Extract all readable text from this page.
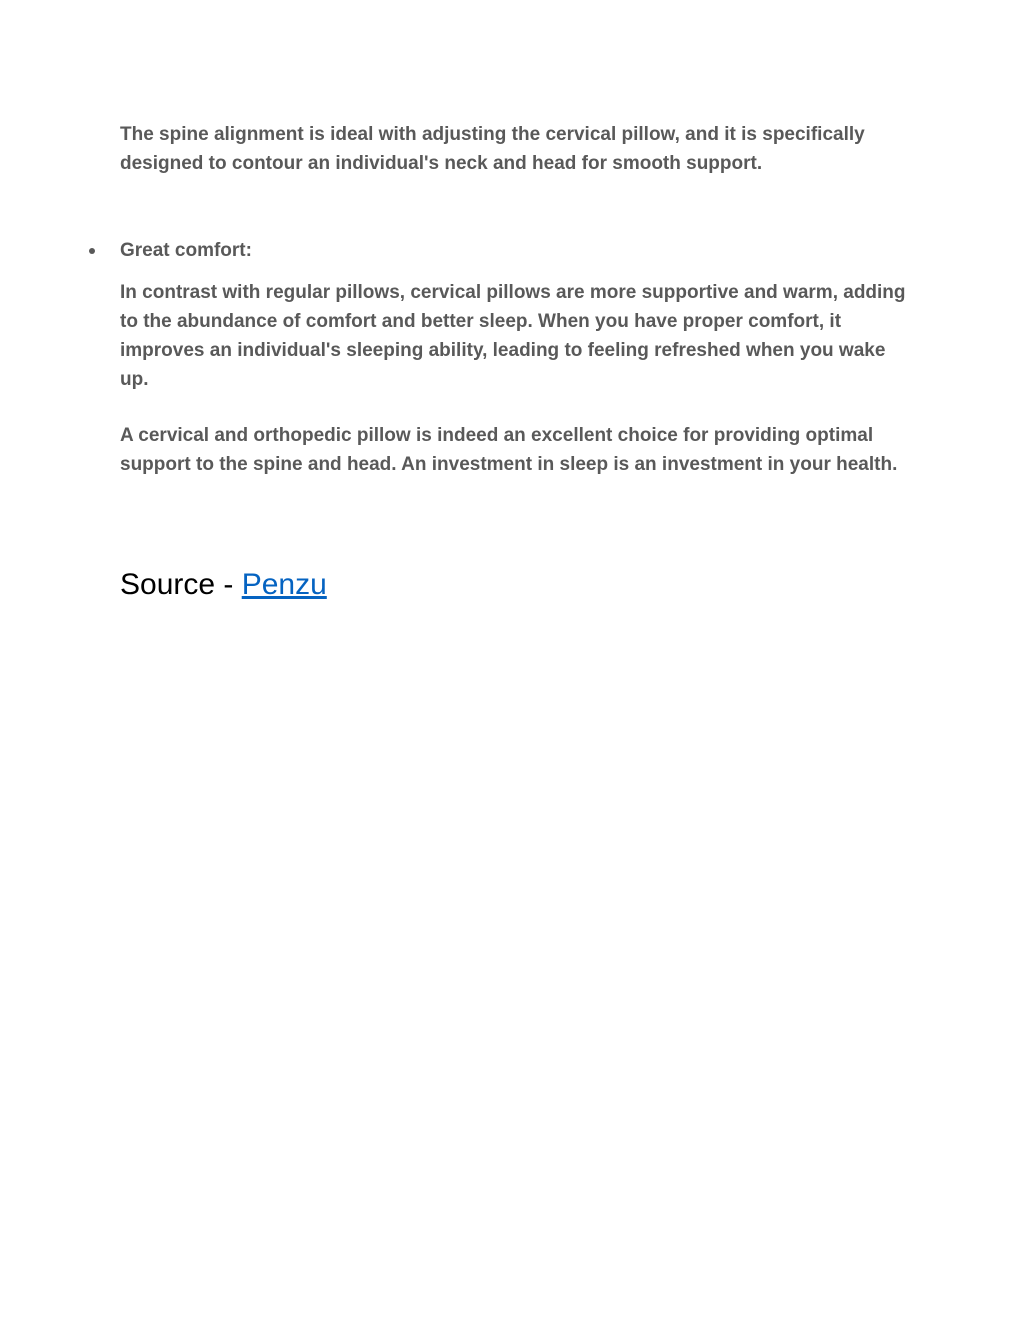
The spine alignment is ideal with adjusting the cervical pillow, and it is specifically designed to contour an individual's neck and head for smooth support.

Great comfort:

In contrast with regular pillows, cervical pillows are more supportive and warm, adding to the abundance of comfort and better sleep. When you have proper comfort, it improves an individual's sleeping ability, leading to feeling refreshed when you wake up.

A cervical and orthopedic pillow is indeed an excellent choice for providing optimal support to the spine and head. An investment in sleep is an investment in your health.

Source - Penzu
